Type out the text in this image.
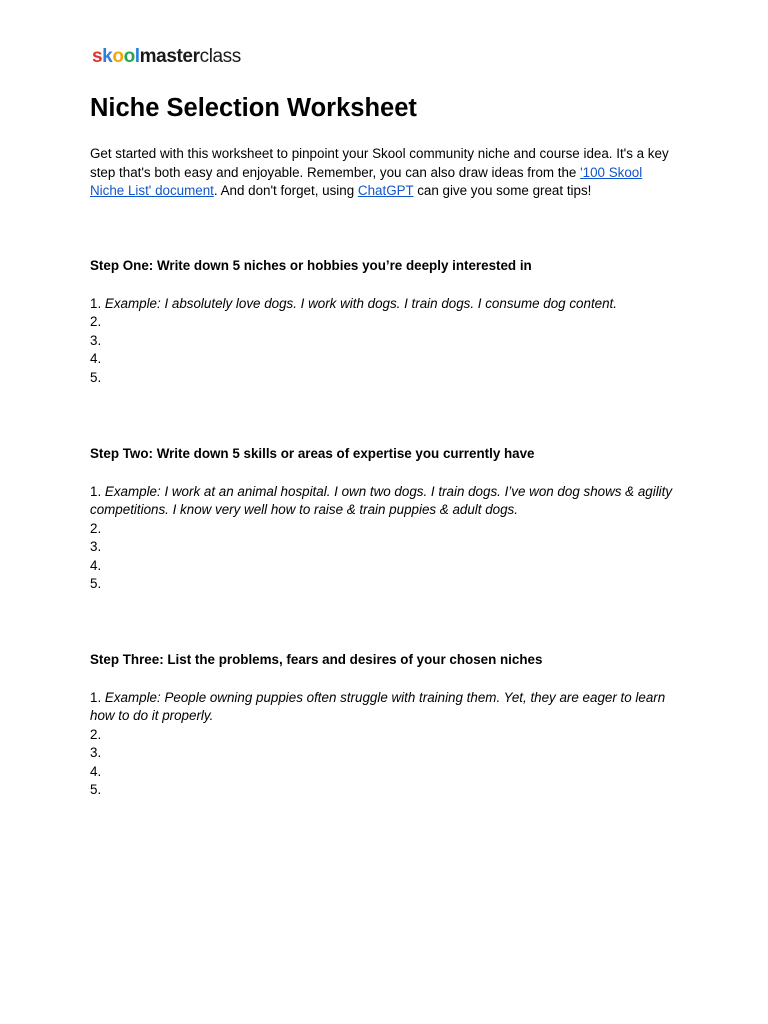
skoolmasterclass
Niche Selection Worksheet

Get started with this worksheet to pinpoint your Skool community niche and course idea. It's a key step that's both easy and enjoyable. Remember, you can also draw ideas from the '100 Skool Niche List' document. And don't forget, using ChatGPT can give you some great tips!

Step One: Write down 5 niches or hobbies you’re deeply interested in

1. Example: I absolutely love dogs. I work with dogs. I train dogs. I consume dog content.

2.

3.

4.

5.

Step Two: Write down 5 skills or areas of expertise you currently have

1. Example: I work at an animal hospital. I own two dogs. I train dogs. I’ve won dog shows & agility competitions. I know very well how to raise & train puppies & adult dogs.

2.

3.

4.

5.

Step Three: List the problems, fears and desires of your chosen niches

1. Example: People owning puppies often struggle with training them. Yet, they are eager to learn how to do it properly.

2.

3.

4.

5.
